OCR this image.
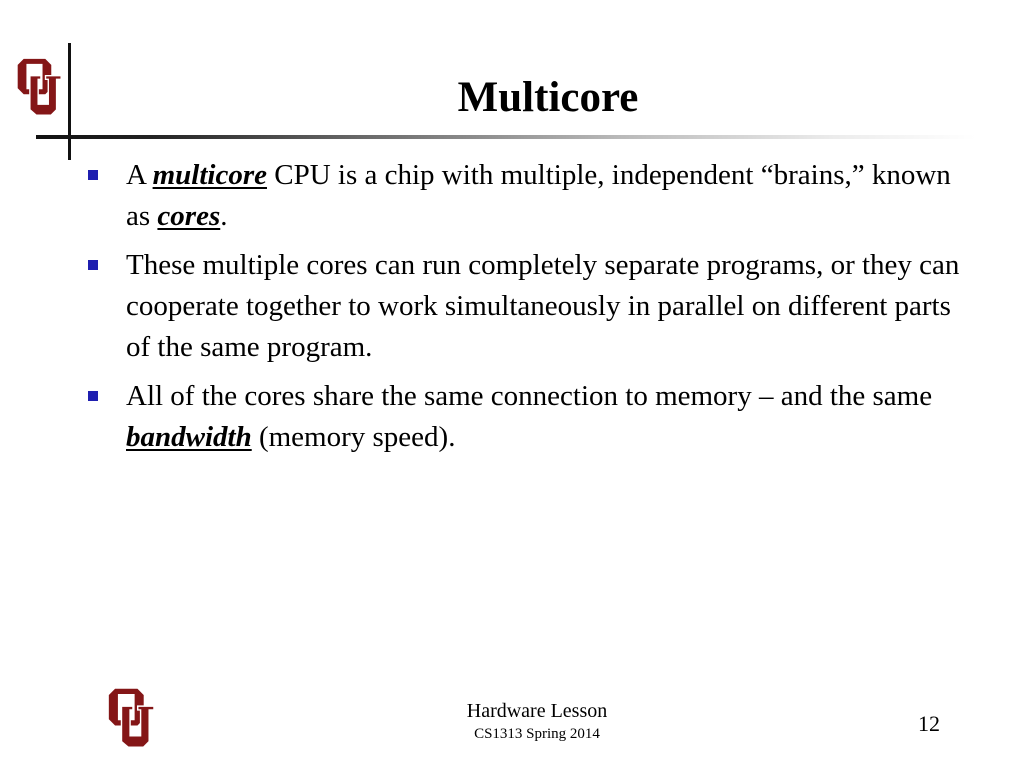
Multicore
A multicore CPU is a chip with multiple, independent “brains,” known as cores.
These multiple cores can run completely separate programs, or they can cooperate together to work simultaneously in parallel on different parts of the same program.
All of the cores share the same connection to memory – and the same bandwidth (memory speed).
Hardware Lesson
CS1313 Spring 2014	12
